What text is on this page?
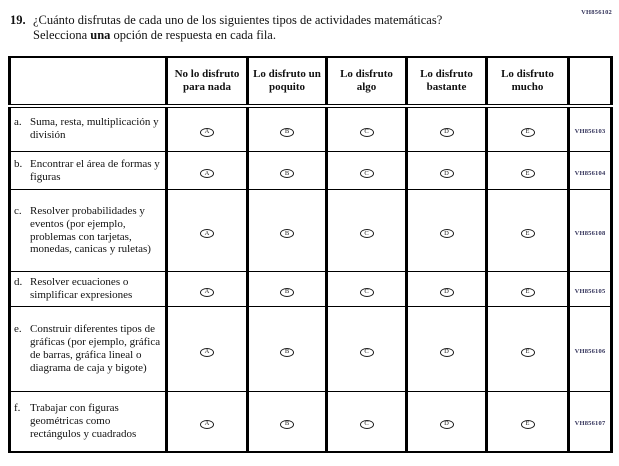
VH856102
19. ¿Cuánto disfrutas de cada uno de los siguientes tipos de actividades matemáticas? Selecciona una opción de respuesta en cada fila.
	No lo disfruto para nada	Lo disfruto un poquito	Lo disfruto algo	Lo disfruto bastante	Lo disfruto mucho	

a. Suma, resta, multiplicación y división	A	B	C	D	E	VH856103

b. Encontrar el área de formas y figuras	A	B	C	D	E	VH856104

c. Resolver probabilidades y eventos (por ejemplo, problemas con tarjetas, monedas, canicas y ruletas)	A	B	C	D	E	VH856108

d. Resolver ecuaciones o simplificar expresiones	A	B	C	D	E	VH856105

e. Construir diferentes tipos de gráficas (por ejemplo, gráfica de barras, gráfica lineal o diagrama de caja y bigote)	A	B	C	D	E	VH856106

f. Trabajar con figuras geométricas como rectángulos y cuadrados	A	B	C	D	E	VH856107
